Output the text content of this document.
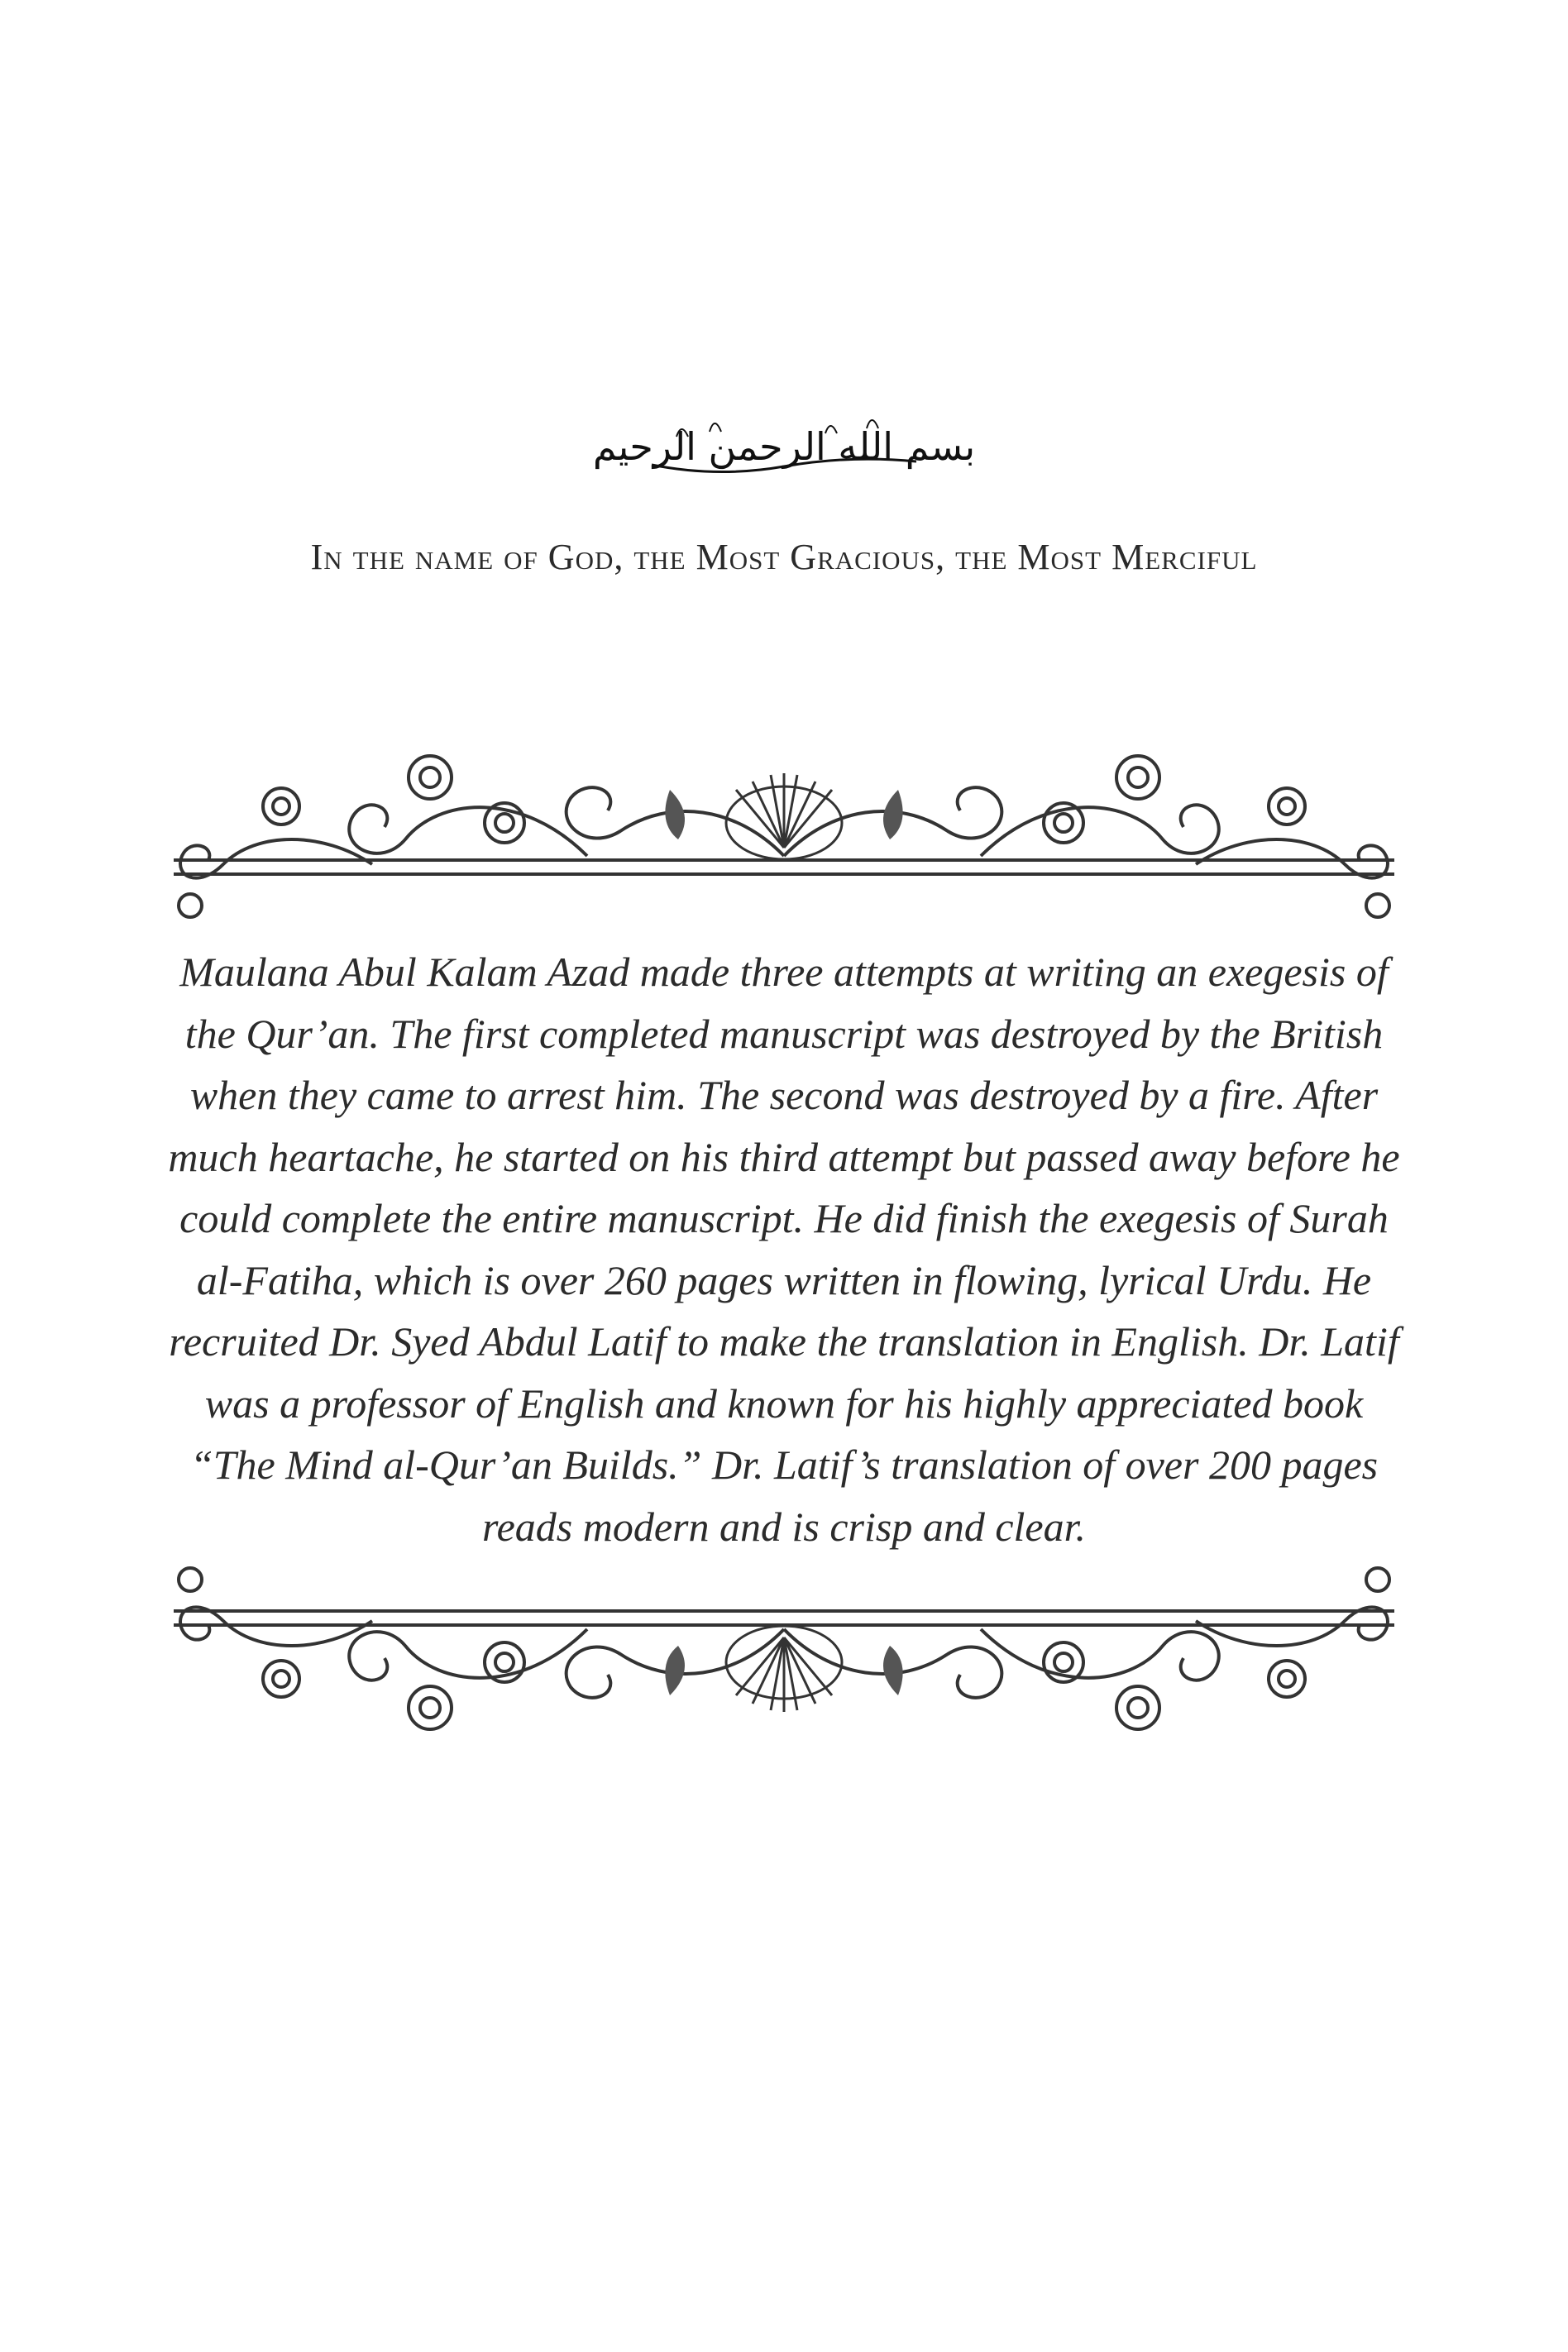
بسم الله الرحمن الرحيم
In the name of God, the Most Gracious, the Most Merciful

Maulana Abul Kalam Azad made three attempts at writing an exegesis of the Qur’an. The first completed manuscript was destroyed by the British when they came to arrest him. The second was destroyed by a fire. After much heartache, he started on his third attempt but passed away before he could complete the entire manuscript. He did finish the exegesis of Surah al-Fatiha, which is over 260 pages written in flowing, lyrical Urdu. He recruited Dr. Syed Abdul Latif to make the translation in English. Dr. Latif was a professor of English and known for his highly appreciated book “The Mind al-Qur’an Builds.” Dr. Latif’s translation of over 200 pages reads modern and is crisp and clear.
